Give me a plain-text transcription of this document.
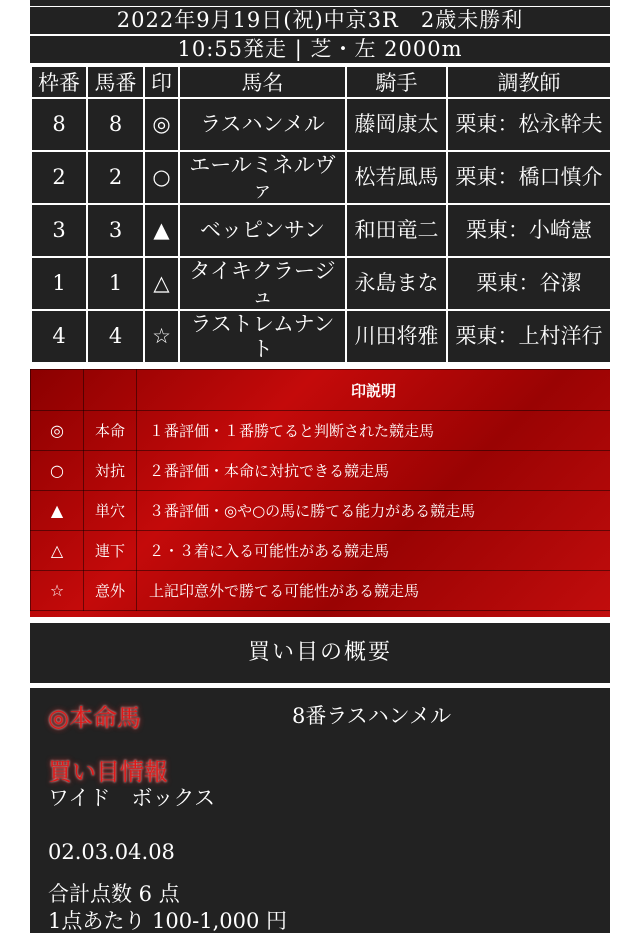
2022年9月19日(祝)中京3R　2歳未勝利
10:55発走 | 芝・左 2000m
枠番	馬番	印	馬名	騎手	調教師
8	8	◎	ラスハンメル	藤岡康太	栗東：松永幹夫
2	2	○	エールミネルヴァ	松若風馬	栗東：橋口慎介
3	3	▲	ベッピンサン	和田竜二	栗東：小崎憲
1	1	△	タイキクラージュ	永島まな	栗東：谷潔
4	4	☆	ラストレムナント	川田将雅	栗東：上村洋行
		印説明
◎	本命	１番評価・１番勝てると判断された競走馬
○	対抗	２番評価・本命に対抗できる競走馬
▲	単穴	３番評価・◎や○の馬に勝てる能力がある競走馬
△	連下	２・３着に入る可能性がある競走馬
☆	意外	上記印意外で勝てる可能性がある競走馬
買い目の概要
◎本命馬	8番ラスハンメル
買い目情報
ワイド　ボックス
02.03.04.08
合計点数 6 点
1点あたり 100-1,000 円
